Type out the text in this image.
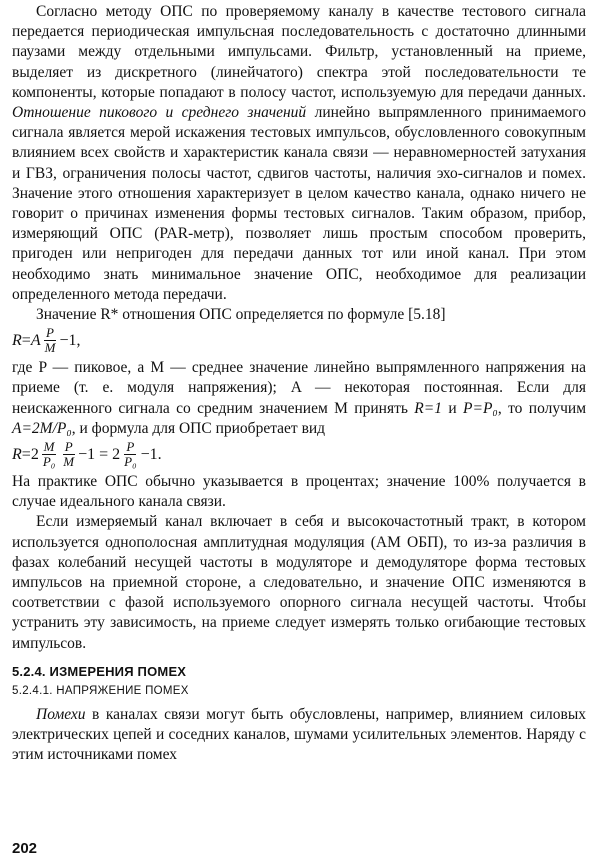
Согласно методу ОПС по проверяемому каналу в качестве тестового сигнала передается периодическая импульсная последовательность с достаточно длинными паузами между отдельными импульсами. Фильтр, установленный на приеме, выделяет из дискретного (линейчатого) спектра этой последовательности те компоненты, которые попадают в полосу частот, используемую для передачи данных. Отношение пикового и среднего значений линейно выпрямленного принимаемого сигнала является мерой искажения тестовых импульсов, обусловленного совокупным влиянием всех свойств и характеристик канала связи — неравномерностей затухания и ГВЗ, ограничения полосы частот, сдвигов частоты, наличия эхо-сигналов и помех. Значение этого отношения характеризует в целом качество канала, однако ничего не говорит о причинах изменения формы тестовых сигналов. Таким образом, прибор, измеряющий ОПС (PAR-метр), позволяет лишь простым способом проверить, пригоден или непригоден для передачи данных тот или иной канал. При этом необходимо знать минимальное значение ОПС, необходимое для реализации определенного метода передачи.

Значение R* отношения ОПС определяется по формуле [5.18]

R = A $\frac{P}{M} -1$,

где P — пиковое, a M — среднее значение линейно выпрямленного напряжения на приеме (т. е. модуля напряжения); A — некоторая постоянная. Если для неискаженного сигнала со средним значением M принять R=1 и P=P₀, то получим A=2M/P₀, и формула для ОПС приобретает вид

$R = 2 \frac{M}{\text{P₀}} \frac{P}{M} -1 = 2 \frac{P}{\text{P₀}} -1$.

На практике ОПС обычно указывается в процентах; значение 100% получается в случае идеального канала связи.

Если измеряемый канал включает в себя и высокочастотный тракт, в котором используется однополосная амплитудная модуляция (AM ОБП), то из-за различия в фазах колебаний несущей частоты в модуляторе и демодуляторе форма тестовых импульсов на приемной стороне, а следовательно, и значение ОПС изменяются в соответствии с фазой используемого опорного сигнала несущей частоты. Чтобы устранить эту зависимость, на приеме следует измерять только огибающие тестовых импульсов.

5.2.4. ИЗМЕРЕНИЯ ПОМЕХ
5.2.4.1. НАПРЯЖЕНИЕ ПОМЕХ

Помехи в каналах связи могут быть обусловлены, например, влиянием силовых электрических цепей и соседних каналов, шумами усилительных элементов. Наряду с этим источниками помех

202
